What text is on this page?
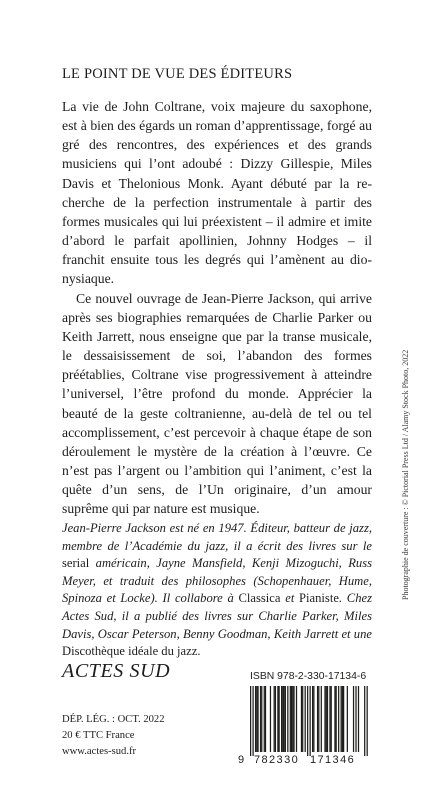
LE POINT DE VUE DES ÉDITEURS

La vie de John Coltrane, voix majeure du saxophone, est à bien des égards un roman d’apprentissage, forgé au gré des rencontres, des expériences et des grands musiciens qui l’ont adoubé : Dizzy Gillespie, Miles Davis et Thelonious Monk. Ayant débuté par la recherche de la perfection instrumentale à partir des formes musicales qui lui préexistent – il admire et imite d’abord le parfait apollinien, Johnny Hodges – il franchit ensuite tous les degrés qui l’amènent au dionysiaque.

Ce nouvel ouvrage de Jean-Pierre Jackson, qui arrive après ses biographies remarquées de Charlie Parker ou Keith Jarrett, nous enseigne que par la transe musicale, le dessaisissement de soi, l’abandon des formes préétablies, Coltrane vise progressivement à atteindre l’universel, l’être profond du monde. Apprécier la beauté de la geste coltranienne, au-delà de tel ou tel accomplissement, c’est percevoir à chaque étape de son déroulement le mystère de la création à l’œuvre. Ce n’est pas l’argent ou l’ambition qui l’animent, c’est la quête d’un sens, de l’Un originaire, d’un amour suprême qui par nature est musique.

Jean-Pierre Jackson est né en 1947. Éditeur, batteur de jazz, membre de l’Académie du jazz, il a écrit des livres sur le serial américain, Jayne Mansfield, Kenji Mizoguchi, Russ Meyer, et traduit des philosophes (Schopenhauer, Hume, Spinoza et Locke). Il collabore à Classica et Pianiste. Chez Actes Sud, il a publié des livres sur Charlie Parker, Miles Davis, Oscar Peterson, Benny Goodman, Keith Jarrett et une Discothèque idéale du jazz.
Photographie de couverture : © Pictorial Press Ltd / Alamy Stock Photo, 2022
ACTES SUD
DÉP. LÉG. : OCT. 2022
20 € TTC France
www.actes-sud.fr
ISBN 978-2-330-17134-6
9 782330 171346
